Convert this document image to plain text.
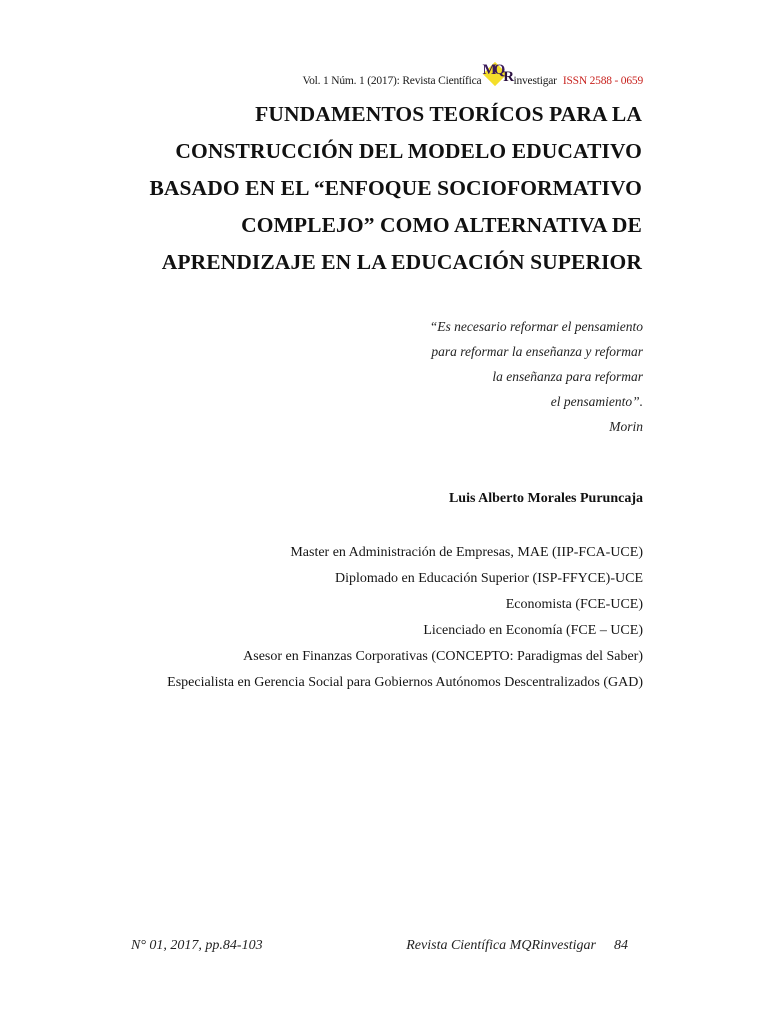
Vol. 1 Núm. 1 (2017): Revista Científica
MQR investigar ISSN 2588 - 0659
FUNDAMENTOS TEORÍCOS PARA LA
CONSTRUCCIÓN DEL MODELO EDUCATIVO
BASADO EN EL “ENFOQUE SOCIOFORMATIVO
COMPLEJO” COMO ALTERNATIVA DE
APRENDIZAJE EN LA EDUCACIÓN SUPERIOR
“Es necesario reformar el pensamiento
para reformar la enseñanza y reformar
la enseñanza para reformar
el pensamiento”.
Morin
Luis Alberto Morales Puruncaja
Master en Administración de Empresas, MAE (IIP-FCA-UCE)
Diplomado en Educación Superior (ISP-FFYCE)-UCE
Economista (FCE-UCE)
Licenciado en Economía (FCE – UCE)
Asesor en Finanzas Corporativas (CONCEPTO: Paradigmas del Saber)
Especialista en Gerencia Social para Gobiernos Autónomos Descentralizados (GAD)
N° 01, 2017, pp.84-103	84
Revista Científica MQRinvestigar
